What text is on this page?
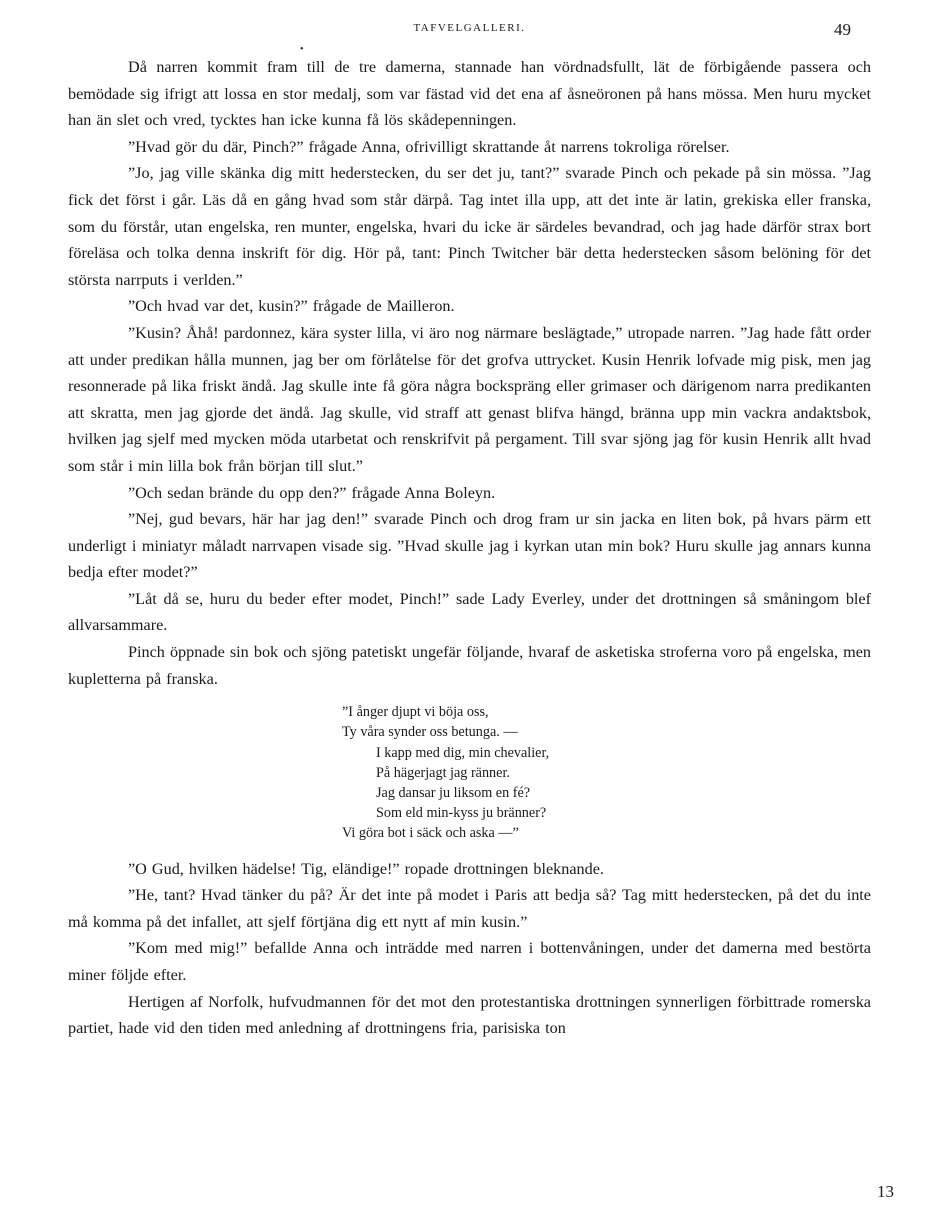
TAFVELGALLERI.	49
•

Då narren kommit fram till de tre damerna, stannade han vördnadsfullt, lät de förbigående passera och bemödade sig ifrigt att lossa en stor medalj, som var fästad vid det ena af åsneöronen på hans mössa. Men huru mycket han än slet och vred, tycktes han icke kunna få lös skådepenningen.

”Hvad gör du där, Pinch?” frågade Anna, ofrivilligt skrattande åt narrens tokroliga rörelser.

”Jo, jag ville skänka dig mitt hederstecken, du ser det ju, tant?” svarade Pinch och pekade på sin mössa. ”Jag fick det först i går. Läs då en gång hvad som står därpå. Tag intet illa upp, att det inte är latin, grekiska eller franska, som du förstår, utan engelska, ren munter, engelska, hvari du icke är särdeles bevandrad, och jag hade därför strax bort föreläsa och tolka denna inskrift för dig. Hör på, tant: Pinch Twitcher bär detta hederstecken såsom belöning för det största narrputs i verlden.”

”Och hvad var det, kusin?” frågade de Mailleron.

”Kusin? Åhå! pardonnez, kära syster lilla, vi äro nog närmare beslägtade,” utropade narren. ”Jag hade fått order att under predikan hålla munnen, jag ber om förlåtelse för det grofva uttrycket. Kusin Henrik lofvade mig pisk, men jag resonnerade på lika friskt ändå. Jag skulle inte få göra några bockspräng eller grimaser och därigenom narra predikanten att skratta, men jag gjorde det ändå. Jag skulle, vid straff att genast blifva hängd, bränna upp min vackra andaktsbok, hvilken jag sjelf med mycken möda utarbetat och renskrifvit på pergament. Till svar sjöng jag för kusin Henrik allt hvad som står i min lilla bok från början till slut.”

”Och sedan brände du opp den?” frågade Anna Boleyn.

”Nej, gud bevars, här har jag den!” svarade Pinch och drog fram ur sin jacka en liten bok, på hvars pärm ett underligt i miniatyr måladt narrvapen visade sig. ”Hvad skulle jag i kyrkan utan min bok? Huru skulle jag annars kunna bedja efter modet?”

”Låt då se, huru du beder efter modet, Pinch!” sade Lady Everley, under det drottningen så småningom blef allvarsammare.

Pinch öppnade sin bok och sjöng patetiskt ungefär följande, hvaraf de asketiska stroferna voro på engelska, men kupletterna på franska.

”I ånger djupt vi böja oss,
Ty våra synder oss betunga. —
I kapp med dig, min chevalier,
På hägerjagt jag ränner.
Jag dansar ju liksom en fé?
Som eld min-kyss ju bränner?
Vi göra bot i säck och aska —”

”O Gud, hvilken hädelse! Tig, eländige!” ropade drottningen bleknande.

”He, tant? Hvad tänker du på? Är det inte på modet i Paris att bedja så? Tag mitt hederstecken, på det du inte må komma på det infallet, att sjelf förtjäna dig ett nytt af min kusin.”

”Kom med mig!” befallde Anna och inträdde med narren i bottenvåningen, under det damerna med bestörta miner följde efter.

Hertigen af Norfolk, hufvudmannen för det mot den protestantiska drottningen synnerligen förbittrade romerska partiet, hade vid den tiden med anledning af drottningens fria, parisiska ton

13
